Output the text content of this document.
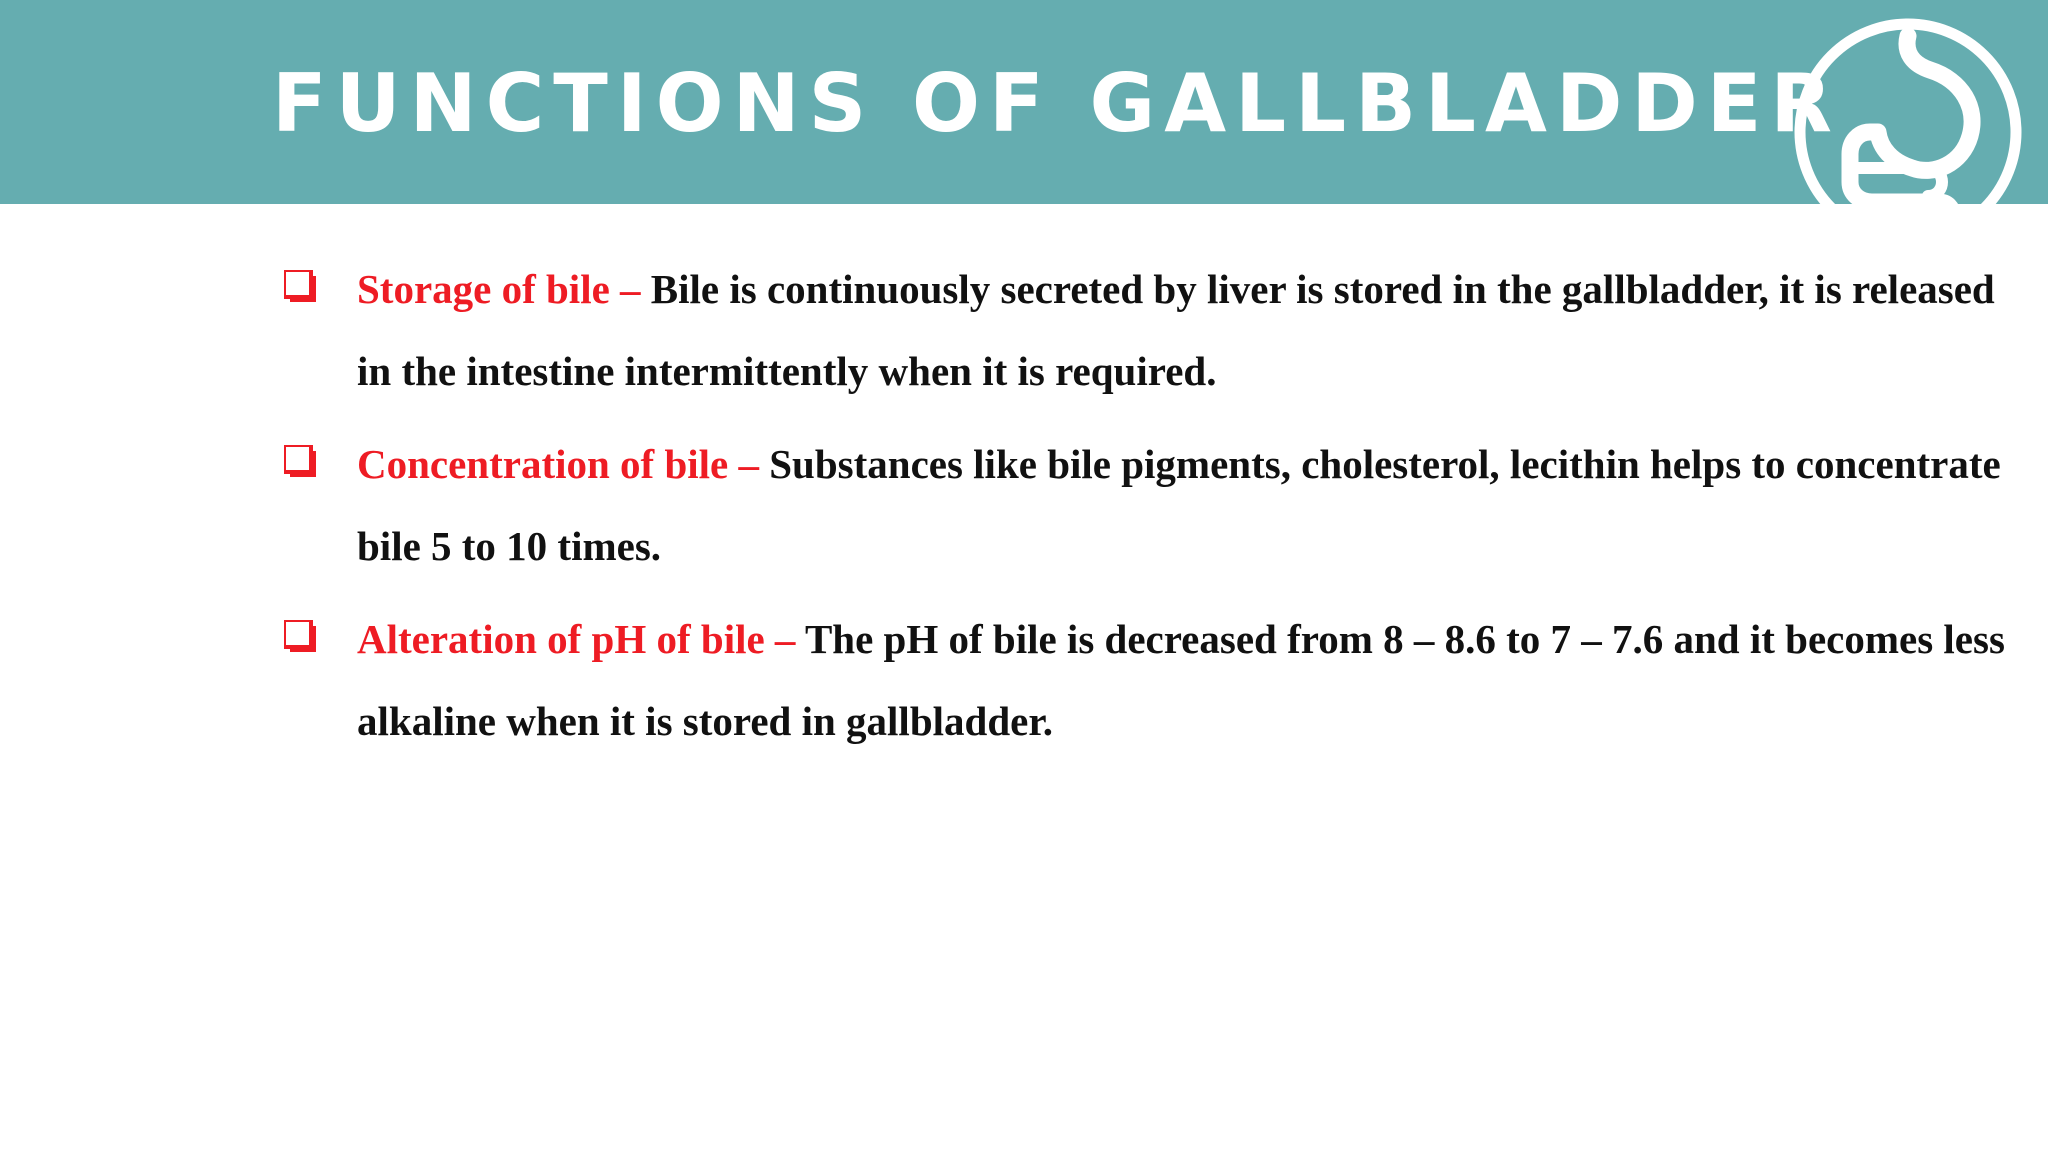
FUNCTIONS OF GALLBLADDER
Storage of bile – Bile is continuously secreted by liver is stored in the gallbladder, it is released in the intestine intermittently when it is required.
Concentration of bile – Substances like bile pigments, cholesterol, lecithin helps to concentrate bile 5 to 10 times.
Alteration of pH of bile – The pH of bile is decreased from 8 – 8.6 to 7 – 7.6 and it becomes less alkaline when it is stored in gallbladder.
